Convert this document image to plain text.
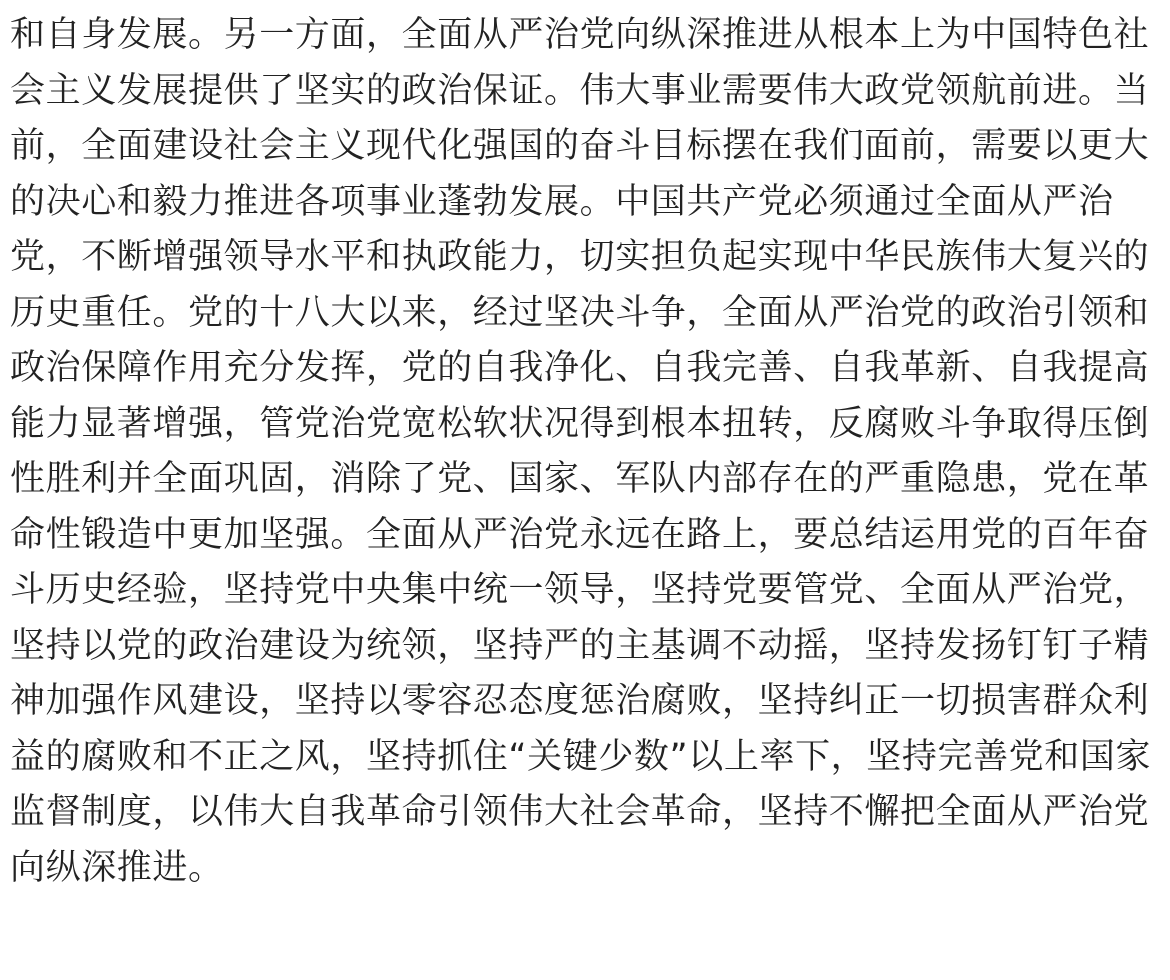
和自身发展。另一方面，全面从严治党向纵深推进从根本上为中国特色社
会主义发展提供了坚实的政治保证。伟大事业需要伟大政党领航前进。当
前，全面建设社会主义现代化强国的奋斗目标摆在我们面前，需要以更大
的决心和毅力推进各项事业蓬勃发展。中国共产党必须通过全面从严治
党，不断增强领导水平和执政能力，切实担负起实现中华民族伟大复兴的
历史重任。党的十八大以来，经过坚决斗争，全面从严治党的政治引领和
政治保障作用充分发挥，党的自我净化、自我完善、自我革新、自我提高
能力显著增强，管党治党宽松软状况得到根本扭转，反腐败斗争取得压倒
性胜利并全面巩固，消除了党、国家、军队内部存在的严重隐患，党在革
命性锻造中更加坚强。全面从严治党永远在路上，要总结运用党的百年奋
斗历史经验，坚持党中央集中统一领导，坚持党要管党、全面从严治党，
坚持以党的政治建设为统领，坚持严的主基调不动摇，坚持发扬钉钉子精
神加强作风建设，坚持以零容忍态度惩治腐败，坚持纠正一切损害群众利
益的腐败和不正之风，坚持抓住“关键少数”以上率下，坚持完善党和国家
监督制度，以伟大自我革命引领伟大社会革命，坚持不懈把全面从严治党
向纵深推进。
